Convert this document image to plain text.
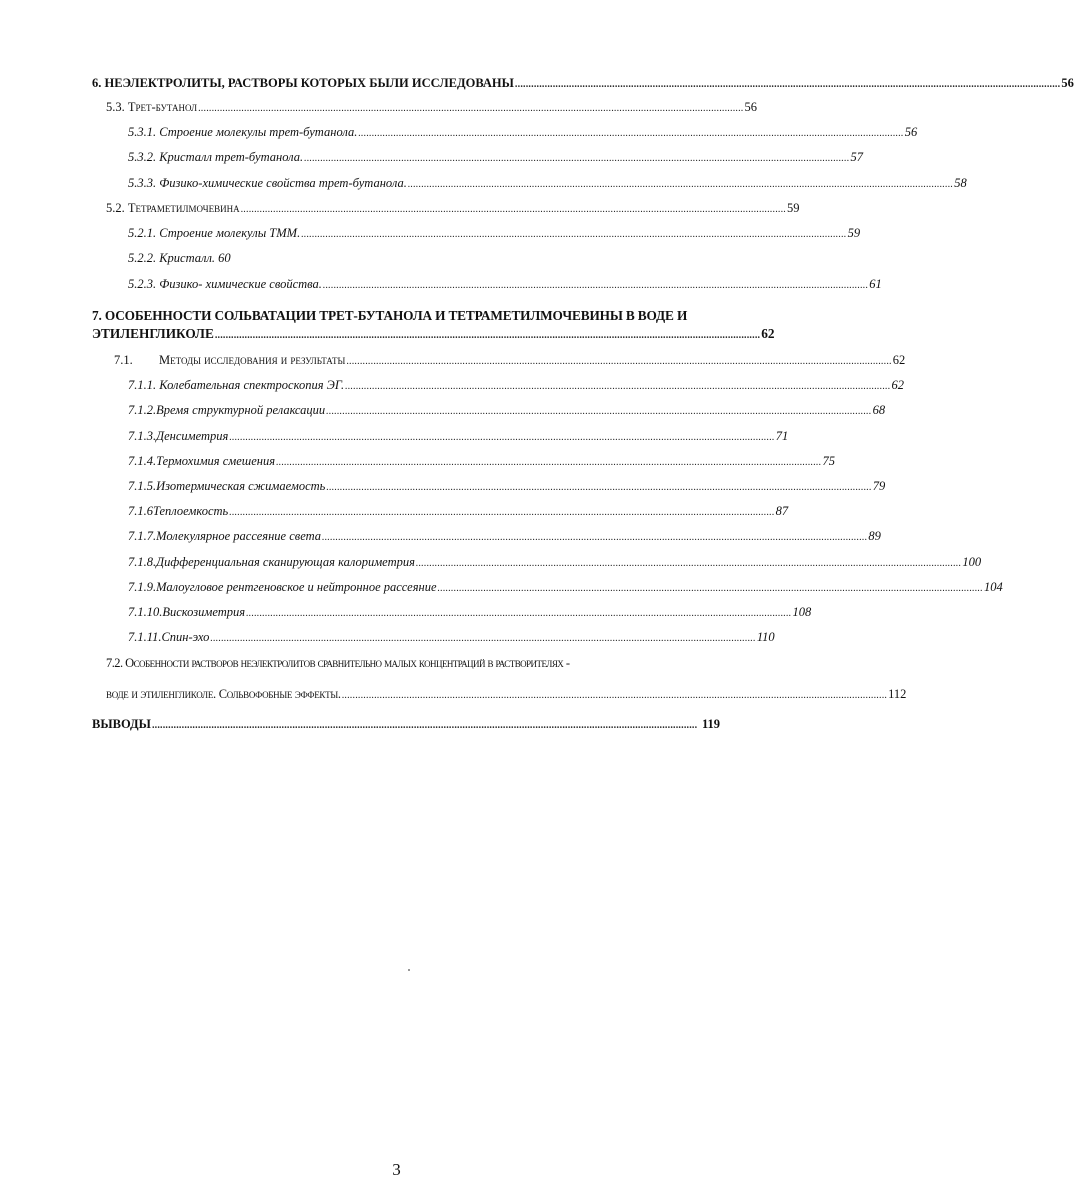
6. НЕЭЛЕКТРОЛИТЫ, РАСТВОРЫ КОТОРЫХ БЫЛИ ИССЛЕДОВАНЫ .......................................................................................................................................................................................................... 56
5.3. Трет-бутанол .......................................................................................................................................................................................................... 56
5.3.1. Строение молекулы трет-бутанола. .......................................................................................................................................................................................................... 56
5.3.2. Кристалл трет-бутанола. .......................................................................................................................................................................................................... 57
5.3.3. Физико-химические свойства трет-бутанола. .......................................................................................................................................................................................................... 58
5.2. Тетраметилмочевина .......................................................................................................................................................................................................... 59
5.2.1. Строение молекулы ТММ. .......................................................................................................................................................................................................... 59
5.2.2. Кристалл. 60
5.2.3. Физико- химические свойства. .......................................................................................................................................................................................................... 61
7. ОСОБЕННОСТИ СОЛЬВАТАЦИИ ТРЕТ-БУТАНОЛА И ТЕТРАМЕТИЛМОЧЕВИНЫ В ВОДЕ И
ЭТИЛЕНГЛИКОЛЕ .......................................................................................................................................................................................................... 62
7.1.	Методы исследования и результаты .......................................................................................................................................................................................................... 62
7.1.1. Колебательная спектроскопия ЭГ. .......................................................................................................................................................................................................... 62
7.1.2. Время структурной релаксации .......................................................................................................................................................................................................... 68
7.1.3. Денсиметрия .......................................................................................................................................................................................................... 71
7.1.4. Термохимия смешения .......................................................................................................................................................................................................... 75
7.1.5. Изотермическая сжимаемость .......................................................................................................................................................................................................... 79
7.1.6 Теплоемкость .......................................................................................................................................................................................................... 87
7.1.7. Молекулярное рассеяние света .......................................................................................................................................................................................................... 89
7.1.8. Дифференциальная сканирующая калориметрия .......................................................................................................................................................................................................... 100
7.1.9. Малоугловое рентгеновское и нейтронное рассеяние .......................................................................................................................................................................................................... 104
7.1.10. Вискозиметрия .......................................................................................................................................................................................................... 108
7.1.11. Спин-эхо .......................................................................................................................................................................................................... 110
7.2. Особенности растворов неэлектролитов сравнительно малых концентраций в растворителях -
воде и этиленгликоле. Сольвофобные эффекты. .......................................................................................................................................................................................................... 112
ВЫВОДЫ .......................................................................................................................................................................................................... 119
3
